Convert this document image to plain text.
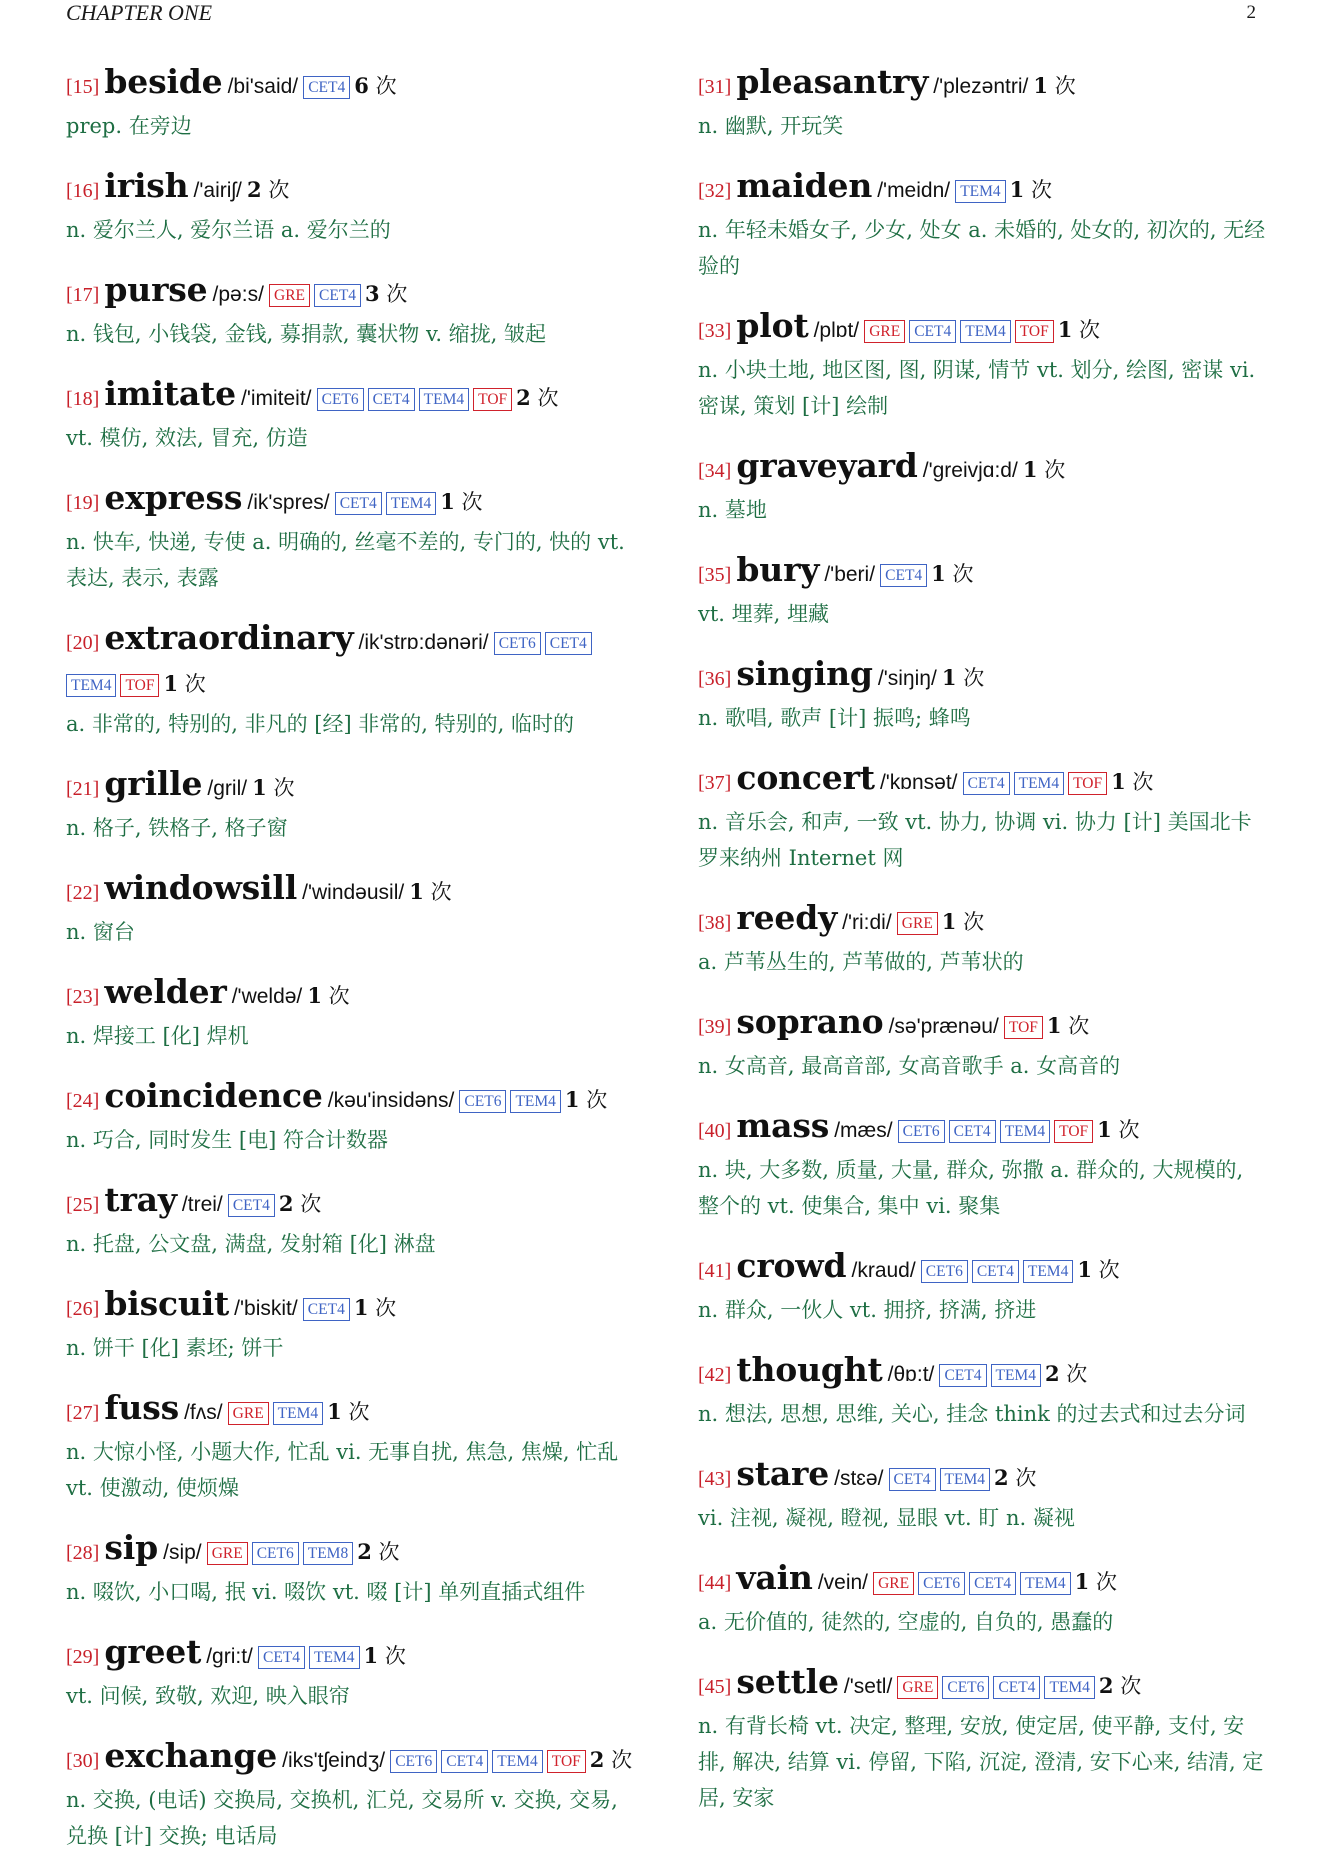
CHAPTER ONE	2
[15] beside /bi'said/ CET4 6 次
prep. 在旁边
[16] irish /'airiʃ/ 2 次
n. 爱尔兰人, 爱尔兰语 a. 爱尔兰的
[17] purse /pə:s/ GRE CET4 3 次
n. 钱包, 小钱袋, 金钱, 募捐款, 囊状物 v. 缩拢, 皱起
[18] imitate /'imiteit/ CET6 CET4 TEM4 TOF 2 次
vt. 模仿, 效法, 冒充, 仿造
[19] express /ik'spres/ CET4 TEM4 1 次
n. 快车, 快递, 专使 a. 明确的, 丝毫不差的, 专门的, 快的 vt. 表达, 表示, 表露
[20] extraordinary /ik'strɒ:dənəri/ CET6 CET4TEM4 TOF 1 次
a. 非常的, 特别的, 非凡的 [经] 非常的, 特别的, 临时的
[21] grille /gril/ 1 次
n. 格子, 铁格子, 格子窗
[22] windowsill /'windəusil/ 1 次
n. 窗台
[23] welder /'weldə/ 1 次
n. 焊接工 [化] 焊机
[24] coincidence /kəu'insidəns/ CET6 TEM4 1 次
n. 巧合, 同时发生 [电] 符合计数器
[25] tray /trei/ CET4 2 次
n. 托盘, 公文盘, 满盘, 发射箱 [化] 淋盘
[26] biscuit /'biskit/ CET4 1 次
n. 饼干 [化] 素坯; 饼干
[27] fuss /fʌs/ GRE TEM4 1 次
n. 大惊小怪, 小题大作, 忙乱 vi. 无事自扰, 焦急, 焦燥, 忙乱 vt. 使激动, 使烦燥
[28] sip /sip/ GRE CET6 TEM8 2 次
n. 啜饮, 小口喝, 抿 vi. 啜饮 vt. 啜 [计] 单列直插式组件
[29] greet /gri:t/ CET4 TEM4 1 次
vt. 问候, 致敬, 欢迎, 映入眼帘
[30] exchange /iks'tʃeindʒ/ CET6 CET4 TEM4 TOF 2 次
n. 交换, (电话) 交换局, 交换机, 汇兑, 交易所 v. 交换, 交易, 兑换 [计] 交换; 电话局
[31] pleasantry /'plezəntri/ 1 次
n. 幽默, 开玩笑
[32] maiden /'meidn/ TEM4 1 次
n. 年轻未婚女子, 少女, 处女 a. 未婚的, 处女的, 初次的, 无经验的
[33] plot /plɒt/ GRE CET4 TEM4 TOF 1 次
n. 小块土地, 地区图, 图, 阴谋, 情节 vt. 划分, 绘图, 密谋 vi. 密谋, 策划 [计] 绘制
[34] graveyard /'greivjɑ:d/ 1 次
n. 墓地
[35] bury /'beri/ CET4 1 次
vt. 埋葬, 埋藏
[36] singing /'siŋiŋ/ 1 次
n. 歌唱, 歌声 [计] 振鸣; 蜂鸣
[37] concert /'kɒnsət/ CET4 TEM4 TOF 1 次
n. 音乐会, 和声, 一致 vt. 协力, 协调 vi. 协力 [计] 美国北卡罗来纳州 Internet 网
[38] reedy /'ri:di/ GRE 1 次
a. 芦苇丛生的, 芦苇做的, 芦苇状的
[39] soprano /sə'prænəu/ TOF 1 次
n. 女高音, 最高音部, 女高音歌手 a. 女高音的
[40] mass /mæs/ CET6 CET4 TEM4 TOF 1 次
n. 块, 大多数, 质量, 大量, 群众, 弥撒 a. 群众的, 大规模的, 整个的 vt. 使集合, 集中 vi. 聚集
[41] crowd /kraud/ CET6 CET4 TEM4 1 次
n. 群众, 一伙人 vt. 拥挤, 挤满, 挤进
[42] thought /θɒ:t/ CET4 TEM4 2 次
n. 想法, 思想, 思维, 关心, 挂念 think 的过去式和过去分词
[43] stare /stɛə/ CET4 TEM4 2 次
vi. 注视, 凝视, 瞪视, 显眼 vt. 盯 n. 凝视
[44] vain /vein/ GRE CET6 CET4 TEM4 1 次
a. 无价值的, 徒然的, 空虚的, 自负的, 愚蠢的
[45] settle /'setl/ GRE CET6 CET4 TEM4 2 次
n. 有背长椅 vt. 决定, 整理, 安放, 使定居, 使平静, 支付, 安排, 解决, 结算 vi. 停留, 下陷, 沉淀, 澄清, 安下心来, 结清, 定居, 安家
